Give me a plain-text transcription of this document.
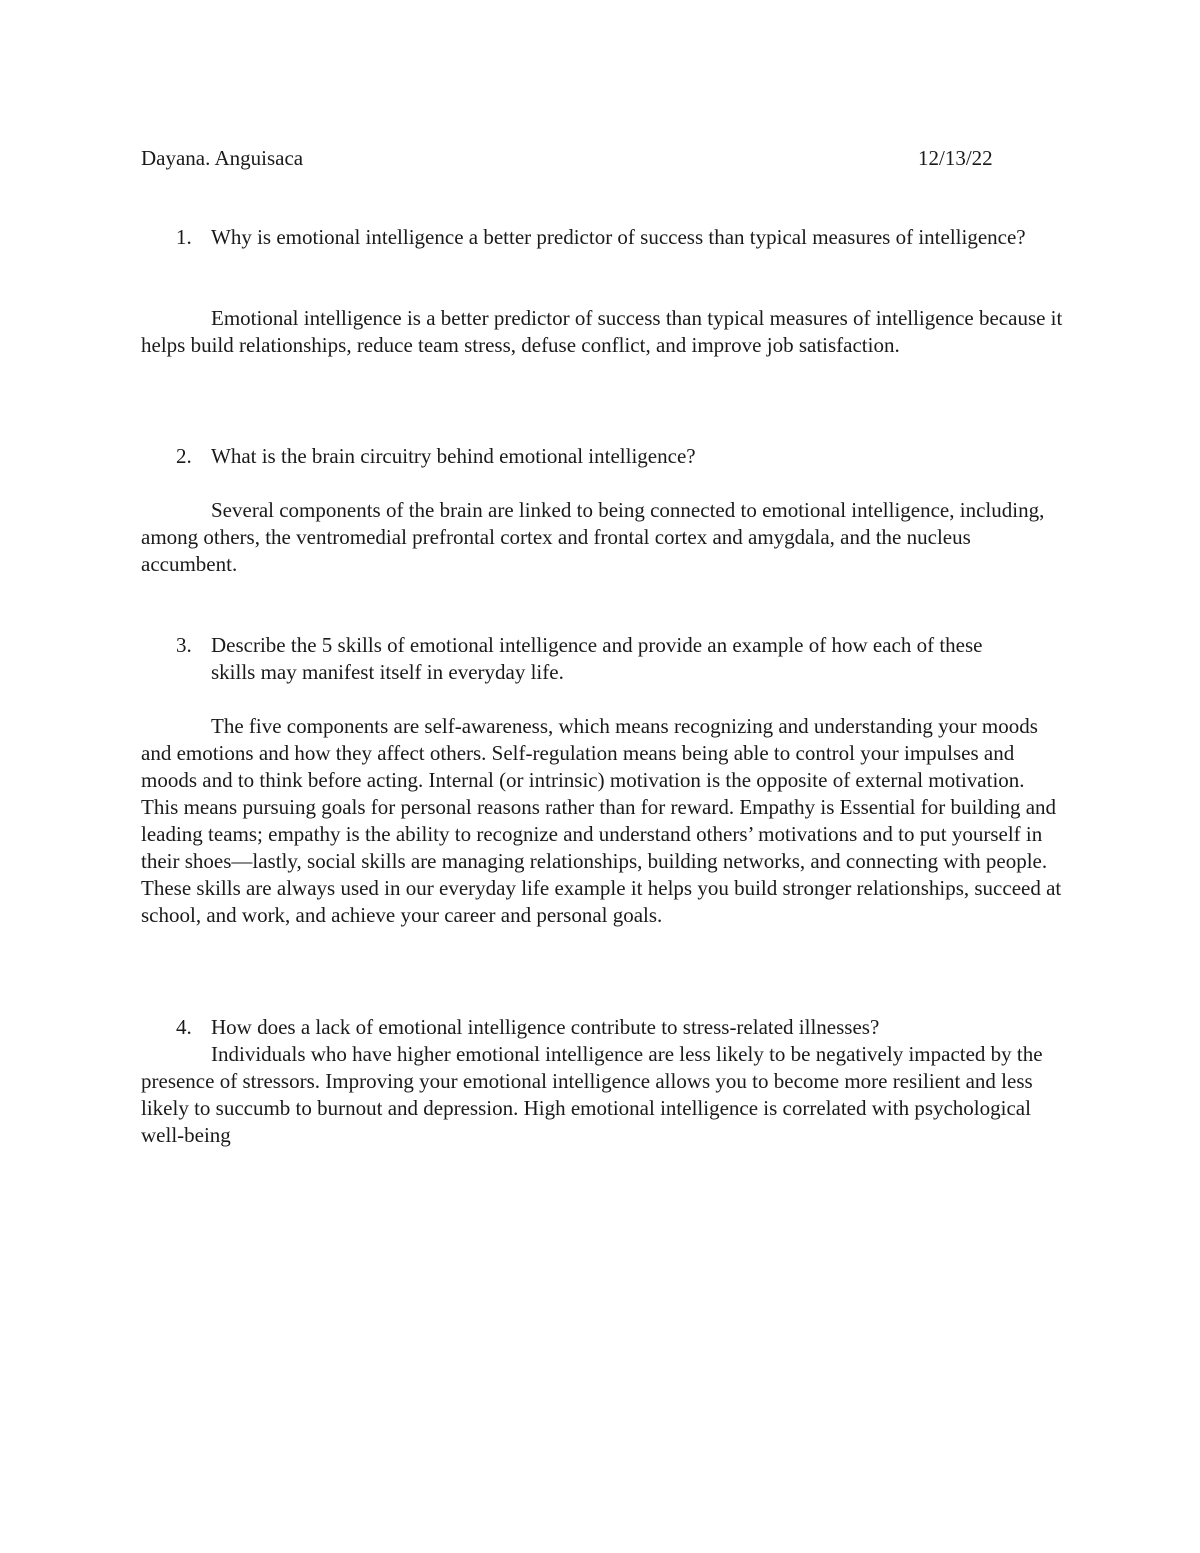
Dayana. Anguisaca	12/13/22
1. Why is emotional intelligence a better predictor of success than typical measures of intelligence?
Emotional intelligence is a better predictor of success than typical measures of intelligence because it helps build relationships, reduce team stress, defuse conflict, and improve job satisfaction.
2. What is the brain circuitry behind emotional intelligence?
Several components of the brain are linked to being connected to emotional intelligence, including, among others, the ventromedial prefrontal cortex and frontal cortex and amygdala, and the nucleus accumbent.
3. Describe the 5 skills of emotional intelligence and provide an example of how each of these skills may manifest itself in everyday life.
The five components are self-awareness, which means recognizing and understanding your moods and emotions and how they affect others. Self-regulation means being able to control your impulses and moods and to think before acting. Internal (or intrinsic) motivation is the opposite of external motivation. This means pursuing goals for personal reasons rather than for reward. Empathy is Essential for building and leading teams; empathy is the ability to recognize and understand others’ motivations and to put yourself in their shoes—lastly, social skills are managing relationships, building networks, and connecting with people. These skills are always used in our everyday life example it helps you build stronger relationships, succeed at school, and work, and achieve your career and personal goals.
4. How does a lack of emotional intelligence contribute to stress-related illnesses?
Individuals who have higher emotional intelligence are less likely to be negatively impacted by the presence of stressors. Improving your emotional intelligence allows you to become more resilient and less likely to succumb to burnout and depression. High emotional intelligence is correlated with psychological well-being
